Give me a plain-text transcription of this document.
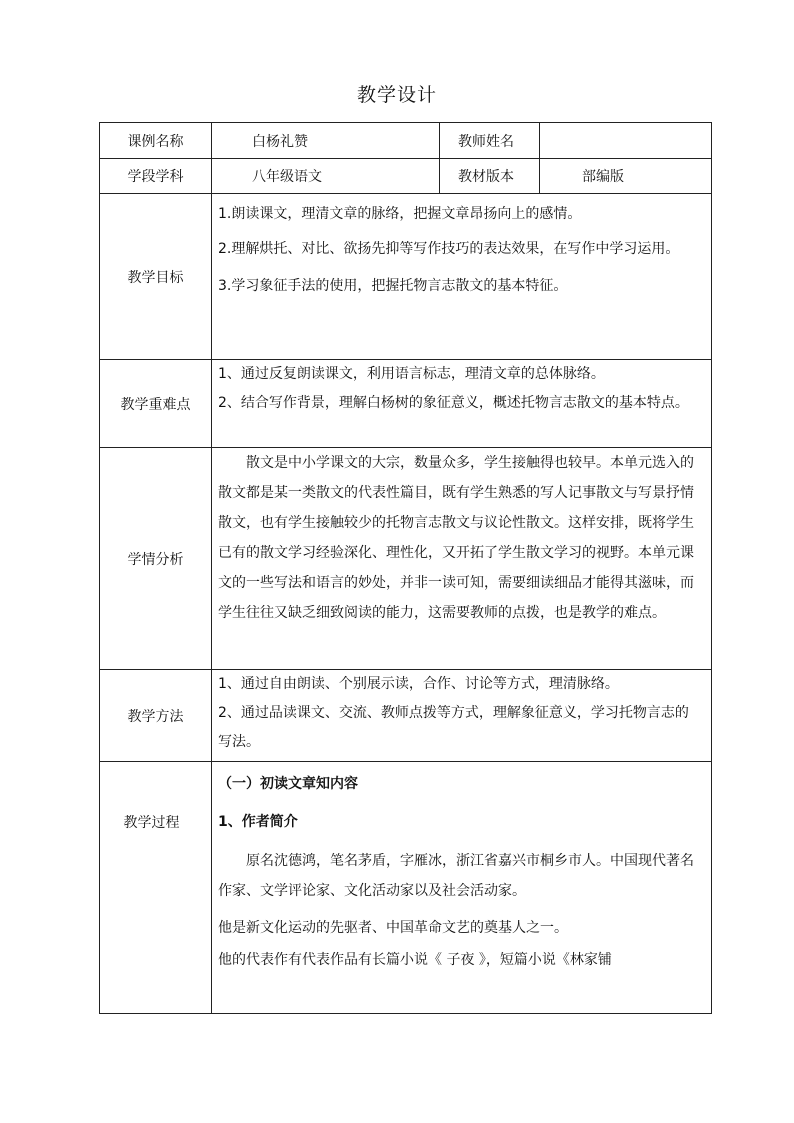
教学设计
课例名称	白杨礼赞	教师姓名	
学段学科	八年级语文	教材版本	部编版
教学目标	1.朗读课文，理清文章的脉络，把握文章昂扬向上的感情。

2.理解烘托、对比、欲扬先抑等写作技巧的表达效果，在写作中学习运用。

3.学习象征手法的使用，把握托物言志散文的基本特征。		

教学重难点	1、通过反复朗读课文，利用语言标志，理清文章的总体脉络。

2、结合写作背景，理解白杨树的象征意义，概述托物言志散文的基本特点。		

学情分析	散文是中小学课文的大宗，数量众多，学生接触得也较早。本单元选入的散文都是某一类散文的代表性篇目，既有学生熟悉的写人记事散文与写景抒情散文，也有学生接触较少的托物言志散文与议论性散文。这样安排，既将学生已有的散文学习经验深化、理性化，又开拓了学生散文学习的视野。本单元课文的一些写法和语言的妙处，并非一读可知，需要细读细品才能得其滋味，而学生往往又缺乏细致阅读的能力，这需要教师的点拨，也是教学的难点。		

教学方法	1、通过自由朗读、个别展示读，合作、讨论等方式，理清脉络。

2、通过品读课文、交流、教师点拨等方式，理解象征意义，学习托物言志的写法。		

教学过程	（一）初读文章知内容

1、作者简介

原名沈德鸿，笔名茅盾，字雁冰，浙江省嘉兴市桐乡市人。中国现代著名作家、文学评论家、文化活动家以及社会活动家。

他是新文化运动的先驱者、中国革命文艺的奠基人之一。

他的代表作有代表作品有长篇小说《 子夜 》，短篇小说《林家铺		
